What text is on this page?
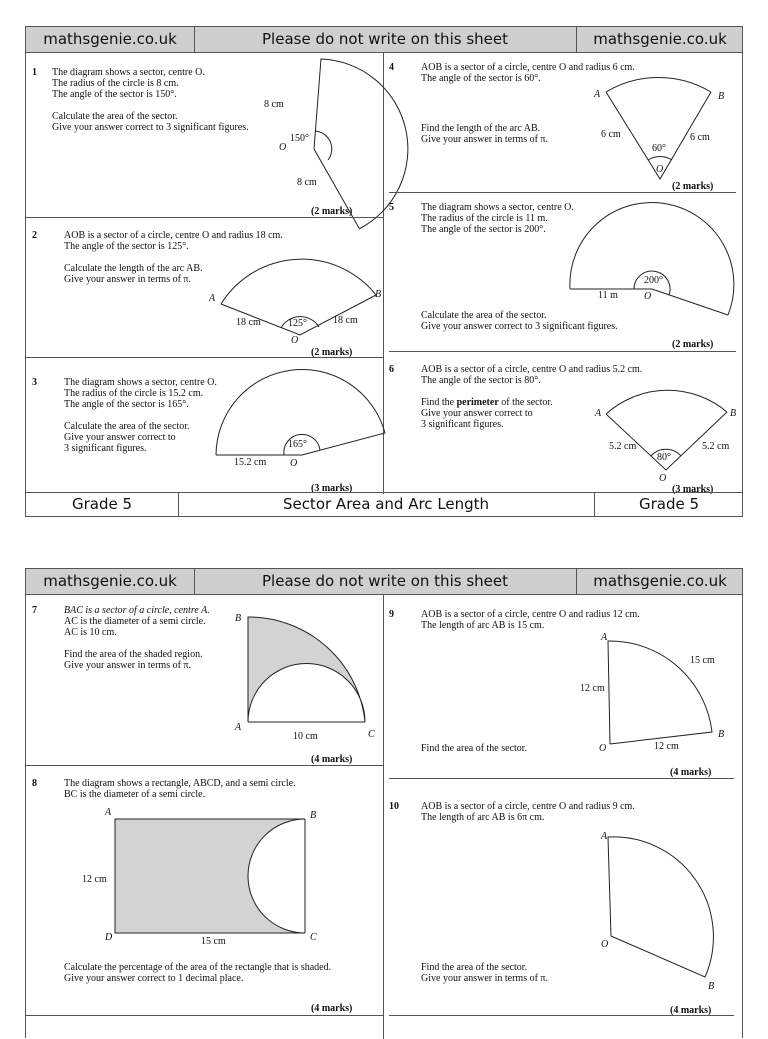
mathsgenie.co.uk	Please do not write on this sheet	mathsgenie.co.uk
1 The diagram shows a sector, centre O.

The radius of the circle is 8 cm.

The angle of the sector is 150°.

Calculate the area of the sector.

Give your answer correct to 3 significant figures.

8 cm
150°
O
8 cm
(2 marks)
2	AOB is a sector of a circle, centre O and radius 18 cm.

The angle of the sector is 125°.

Calculate the length of the arc AB.

Give your answer in terms of π.

A	B
18 cm	125°	18 cm
O
(2 marks)
3	The diagram shows a sector, centre O.

The radius of the circle is 15.2 cm.

The angle of the sector is 165°.

Calculate the area of the sector.

Give your answer correct to

3 significant figures.	165°
15.2 cm O
(3 marks)
4	AOB is a sector of a circle, centre O and radius 6 cm.

The angle of the sector is 60°.

Find the length of the arc AB.

Give your answer in terms of π.

A	B
6 cm
60°
6 cm
O
(2 marks)
5	The diagram shows a sector, centre O.

The radius of the circle is 11 m.

The angle of the sector is 200°.

Calculate the area of the sector.

Give your answer correct to 3 significant figures.

200°
11 m	O
(2 marks)
6	AOB is a sector of a circle, centre O and radius 5.2 cm.

The angle of the sector is 80°.

Find the perimeter of the sector.

Give your answer correct to

3 significant figures.

A	B
5.2 cm
80°
5.2 cm
O
(3 marks)
Grade 5	Sector Area and Arc Length	Grade 5
mathsgenie.co.uk	Please do not write on this sheet	mathsgenie.co.uk
7	BAC is a sector of a circle, centre A.

AC is the diameter of a semi circle.

AC is 10 cm.

Find the area of the shaded region.

Give your answer in terms of π.

B
A
10 cm	C
(4 marks)
8	The diagram shows a rectangle, ABCD, and a semi circle.

BC is the diameter of a semi circle.

Calculate the percentage of the area of the rectangle that is shaded.

Give your answer correct to 1 decimal place.

A	B
12 cm
D	15 cm	C
(4 marks)
9	AOB is a sector of a circle, centre O and radius 12 cm.

The length of arc AB is 15 cm.

Find the area of the sector.

A
15 cm
12 cm
O	12 cm
B
(4 marks)
10 AOB is a sector of a circle, centre O and radius 9 cm.

The length of arc AB is 6π cm.

Find the area of the sector.

Give your answer in terms of π.

A
O
B
(4 marks)
